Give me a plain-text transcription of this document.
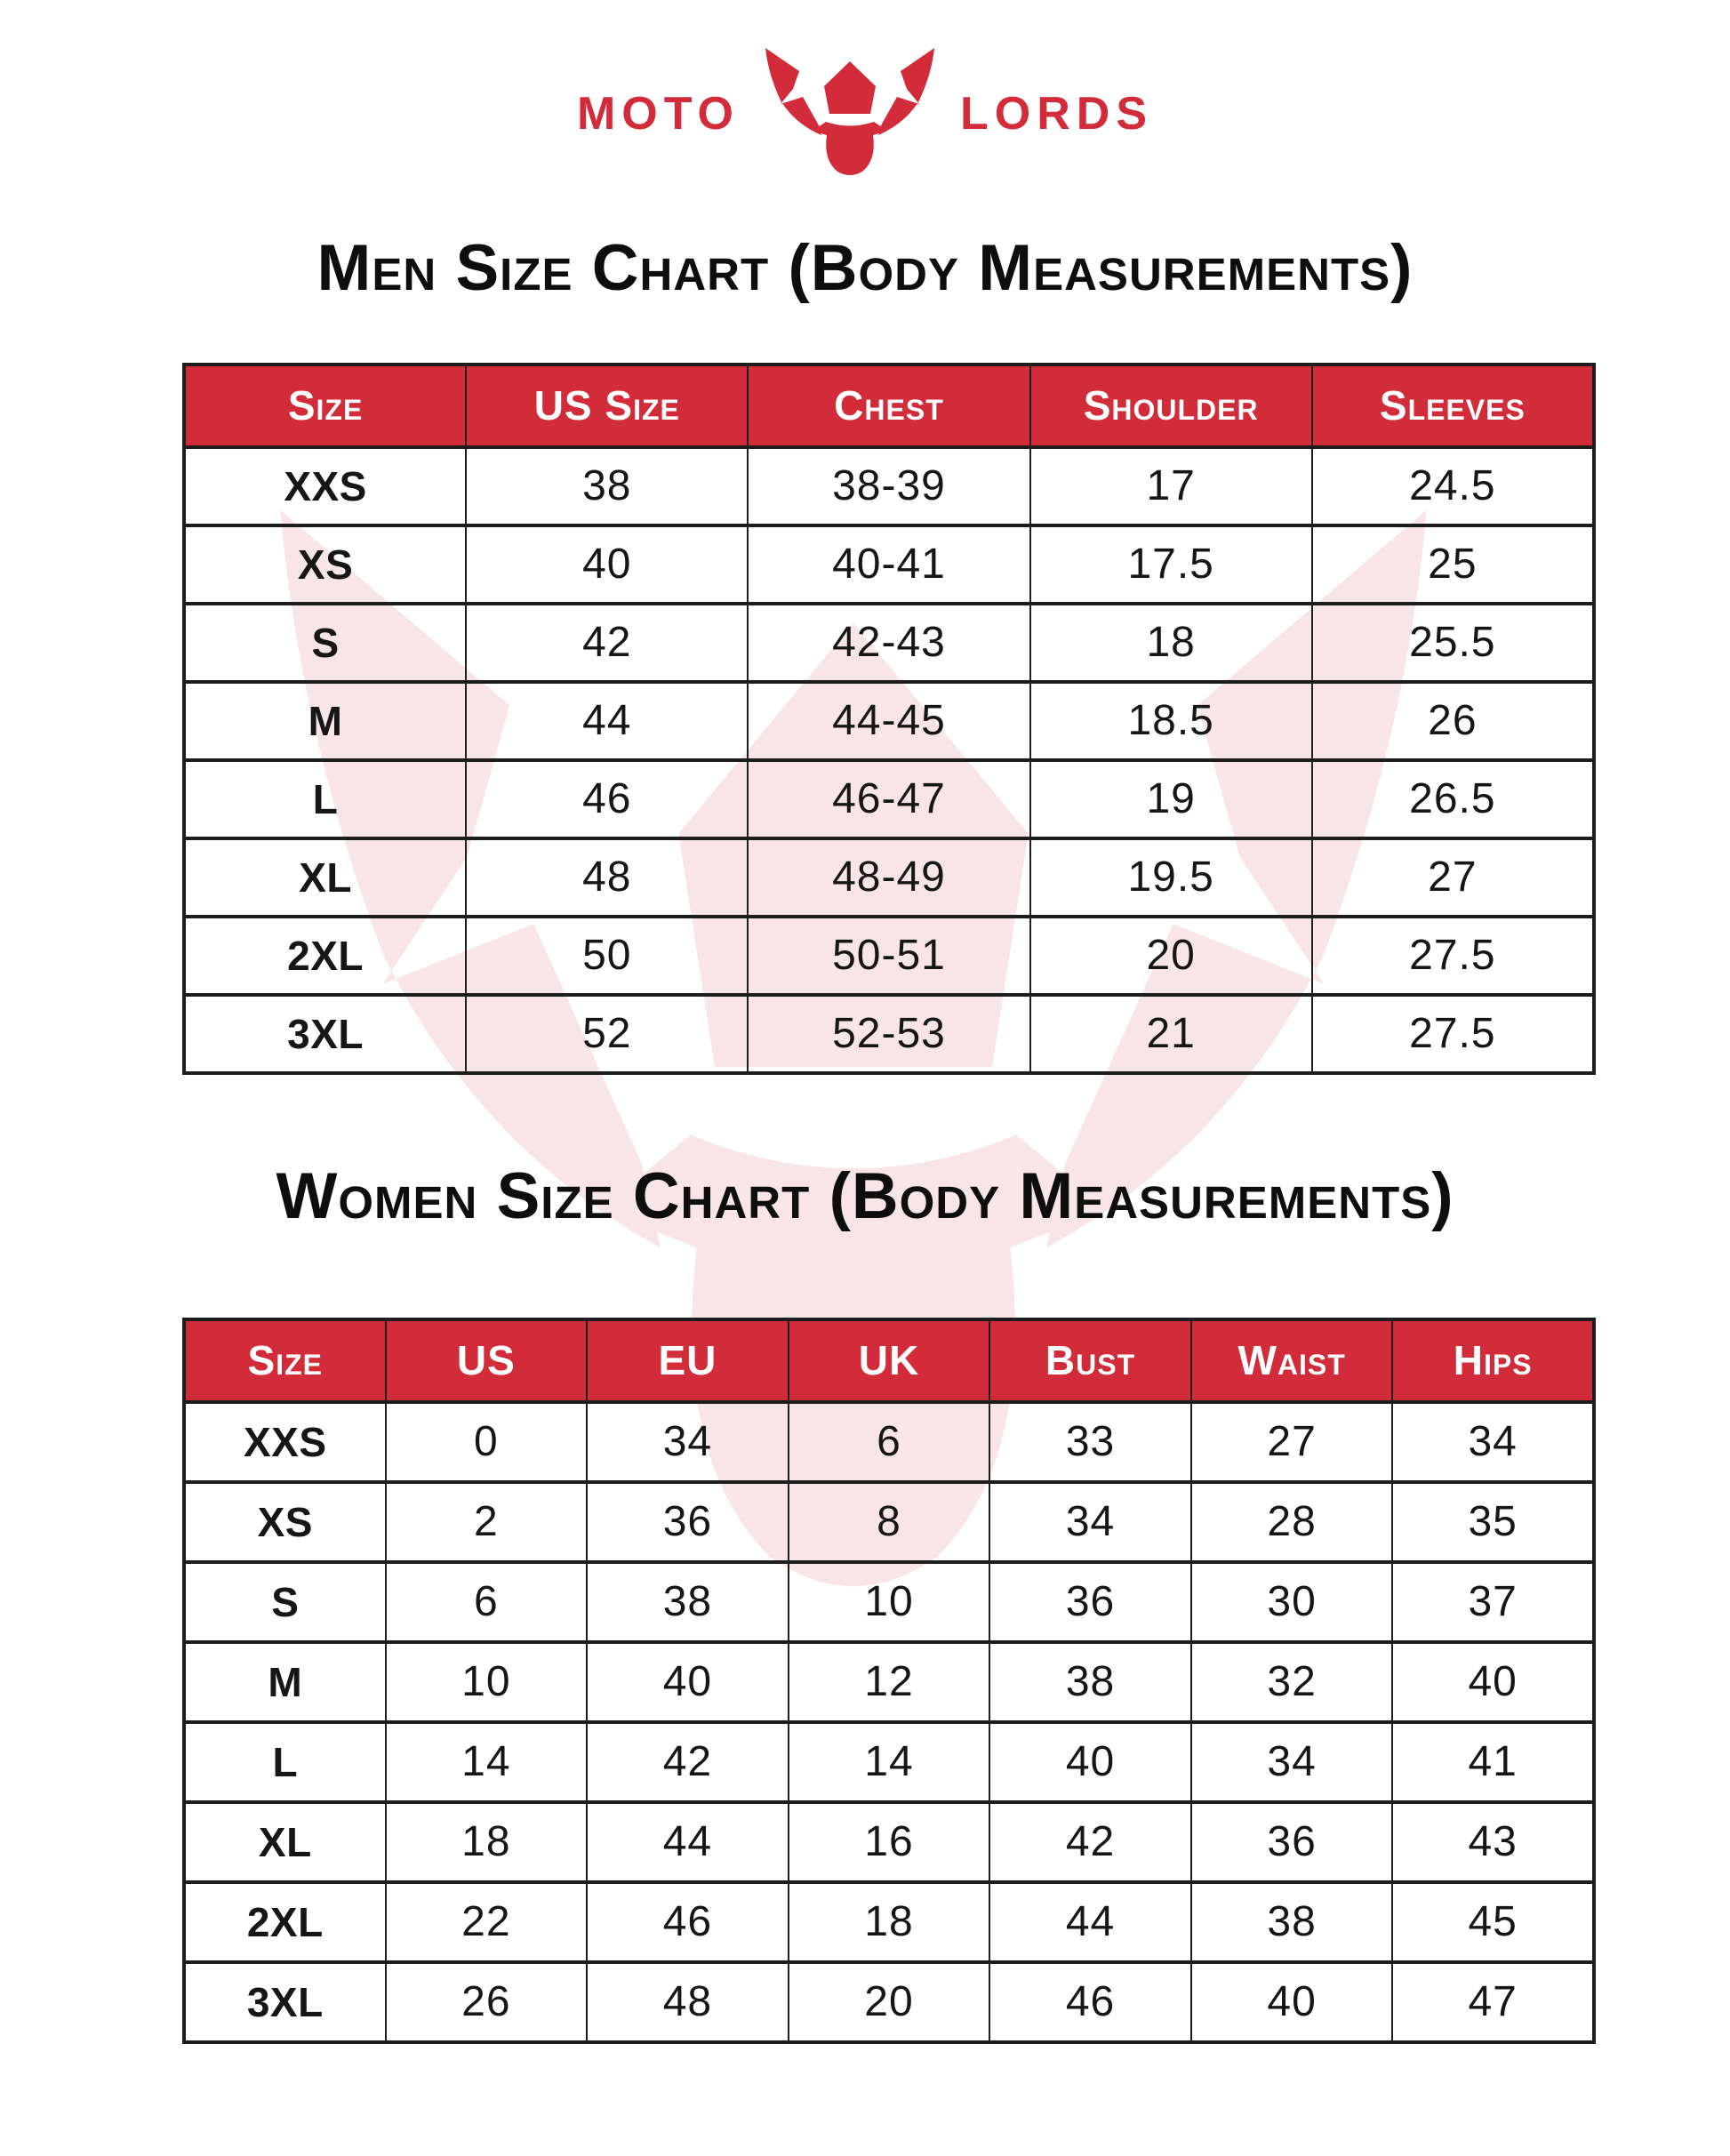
MOTO	LORDS
Men Size Chart (Body Measurements)
Size	US Size	Chest	Shoulder	Sleeves
XXS	38	38-39	17	24.5
XS	40	40-41	17.5	25
S	42	42-43	18	25.5
M	44	44-45	18.5	26
L	46	46-47	19	26.5
XL	48	48-49	19.5	27
2XL	50	50-51	20	27.5
3XL	52	52-53	21	27.5
Women Size Chart (Body Measurements)
Size	US	EU	UK	Bust	Waist	Hips
XXS	0	34	6	33	27	34
XS	2	36	8	34	28	35
S	6	38	10	36	30	37
M	10	40	12	38	32	40
L	14	42	14	40	34	41
XL	18	44	16	42	36	43
2XL	22	46	18	44	38	45
3XL	26	48	20	46	40	47
